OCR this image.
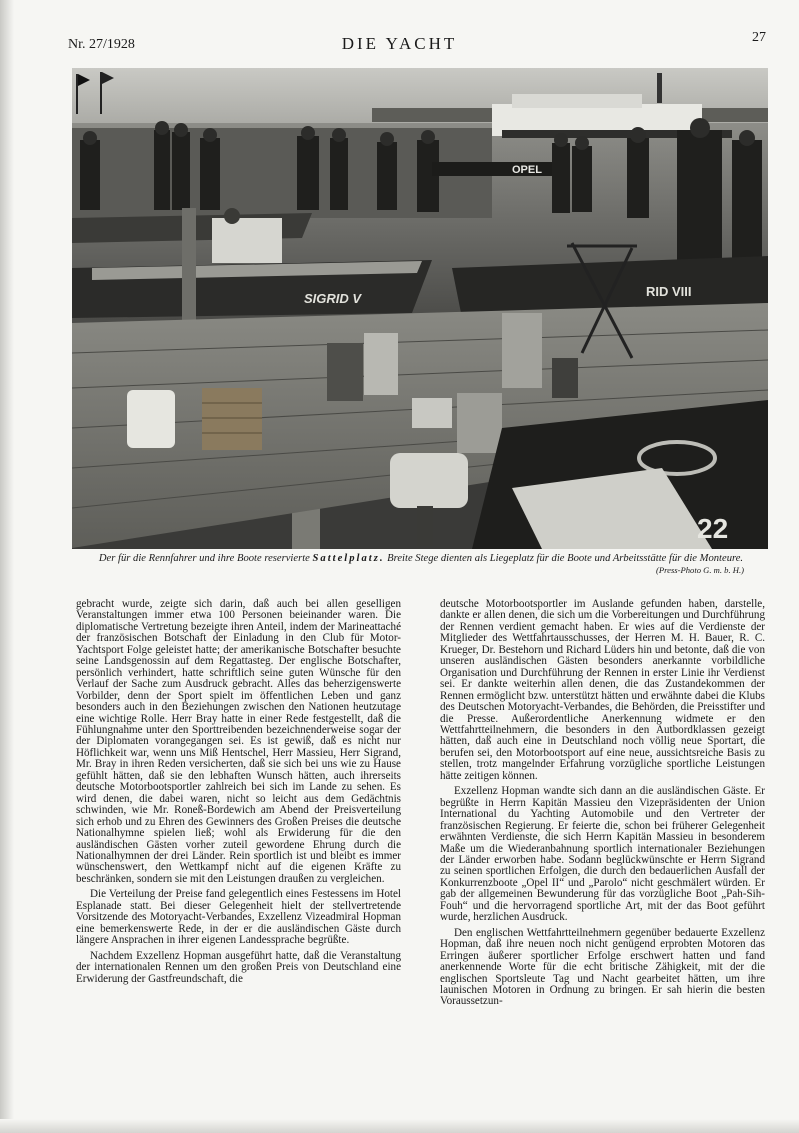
Nr. 27/1928	DIE YACHT	27
OPEL
SIGRID V	RID VIII
22
Der für die Rennfahrer und ihre Boote reservierte Sattelplatz. Breite Stege dienten als Liegeplatz für die Boote und Arbeitsstätte für die Monteure.
(Press-Photo G. m. b. H.)

gebracht wurde, zeigte sich darin, daß auch bei allen geselligen Veranstaltungen immer etwa 100 Personen beieinander waren. Die diplomatische Vertretung bezeigte ihren Anteil, indem der Marineattaché der französischen Botschaft der Einladung in den Club für Motor-Yachtsport Folge geleistet hatte; der amerikanische Botschafter besuchte seine Landsgenossin auf dem Regattasteg. Der englische Botschafter, persönlich verhindert, hatte schriftlich seine guten Wünsche für den Verlauf der Sache zum Ausdruck gebracht. Alles das beherzigenswerte Vorbilder, denn der Sport spielt im öffentlichen Leben und ganz besonders auch in den Beziehungen zwischen den Nationen heutzutage eine wichtige Rolle. Herr Bray hatte in einer Rede festgestellt, daß die Fühlungnahme unter den Sporttreibenden bezeichnenderweise sogar der der Diplomaten vorangegangen sei. Es ist gewiß, daß es nicht nur Höflichkeit war, wenn uns Miß Hentschel, Herr Massieu, Herr Sigrand, Mr. Bray in ihren Reden versicherten, daß sie sich bei uns wie zu Hause gefühlt hätten, daß sie den lebhaften Wunsch hätten, auch ihrerseits deutsche Motorbootsportler zahlreich bei sich im Lande zu sehen. Es wird denen, die dabei waren, nicht so leicht aus dem Gedächtnis schwinden, wie Mr. Roneß-Bordewich am Abend der Preisverteilung sich erhob und zu Ehren des Gewinners des Großen Preises die deutsche Nationalhymne spielen ließ; wohl als Erwiderung für die den ausländischen Gästen vorher zuteil gewordene Ehrung durch die Nationalhymnen der drei Länder. Rein sportlich ist und bleibt es immer wünschenswert, den Wettkampf nicht auf die eigenen Kräfte zu beschränken, sondern sie mit den Leistungen draußen zu vergleichen.

Die Verteilung der Preise fand gelegentlich eines Festessens im Hotel Esplanade statt. Bei dieser Gelegenheit hielt der stellvertretende Vorsitzende des Motoryacht-Verbandes, Exzellenz Vizeadmiral Hopman eine bemerkenswerte Rede, in der er die ausländischen Gäste durch längere Ansprachen in ihrer eigenen Landessprache begrüßte.

Nachdem Exzellenz Hopman ausgeführt hatte, daß die Veranstaltung der internationalen Rennen um den großen Preis von Deutschland eine Erwiderung der Gastfreundschaft, die

deutsche Motorbootsportler im Auslande gefunden haben, darstelle, dankte er allen denen, die sich um die Vorbereitungen und Durchführung der Rennen verdient gemacht haben. Er wies auf die Verdienste der Mitglieder des Wettfahrtausschusses, der Herren M. H. Bauer, R. C. Krueger, Dr. Bestehorn und Richard Lüders hin und betonte, daß die von unseren ausländischen Gästen besonders anerkannte vorbildliche Organisation und Durchführung der Rennen in erster Linie ihr Verdienst sei. Er dankte weiterhin allen denen, die das Zustandekommen der Rennen ermöglicht bzw. unterstützt hätten und erwähnte dabei die Klubs des Deutschen Motoryacht-Verbandes, die Behörden, die Preisstifter und die Presse. Außerordentliche Anerkennung widmete er den Wettfahrtteilnehmern, die besonders in den Autbordklassen gezeigt hätten, daß auch eine in Deutschland noch völlig neue Sportart, die berufen sei, den Motorbootsport auf eine neue, aussichtsreiche Basis zu stellen, trotz mangelnder Erfahrung vorzügliche sportliche Leistungen hätte zeitigen können.

Exzellenz Hopman wandte sich dann an die ausländischen Gäste. Er begrüßte in Herrn Kapitän Massieu den Vizepräsidenten der Union International du Yachting Automobile und den Vertreter der französischen Regierung. Er feierte die, schon bei früherer Gelegenheit erwähnten Verdienste, die sich Herrn Kapitän Massieu in besonderem Maße um die Wiederanbahnung sportlich internationaler Beziehungen der Länder erworben habe. Sodann beglückwünschte er Herrn Sigrand zu seinen sportlichen Erfolgen, die durch den bedauerlichen Ausfall der Konkurrenzboote „Opel II“ und „Parolo“ nicht geschmälert würden. Er gab der allgemeinen Bewunderung für das vorzügliche Boot „Pah-Sih-Fouh“ und die hervorragend sportliche Art, mit der das Boot geführt wurde, herzlichen Ausdruck.

Den englischen Wettfahrtteilnehmern gegenüber bedauerte Exzellenz Hopman, daß ihre neuen noch nicht genügend erprobten Motoren das Erringen äußerer sportlicher Erfolge erschwert hatten und fand anerkennende Worte für die echt britische Zähigkeit, mit der die englischen Sportsleute Tag und Nacht gearbeitet hätten, um ihre launischen Motoren in Ordnung zu bringen. Er sah hierin die besten Voraussetzun-
